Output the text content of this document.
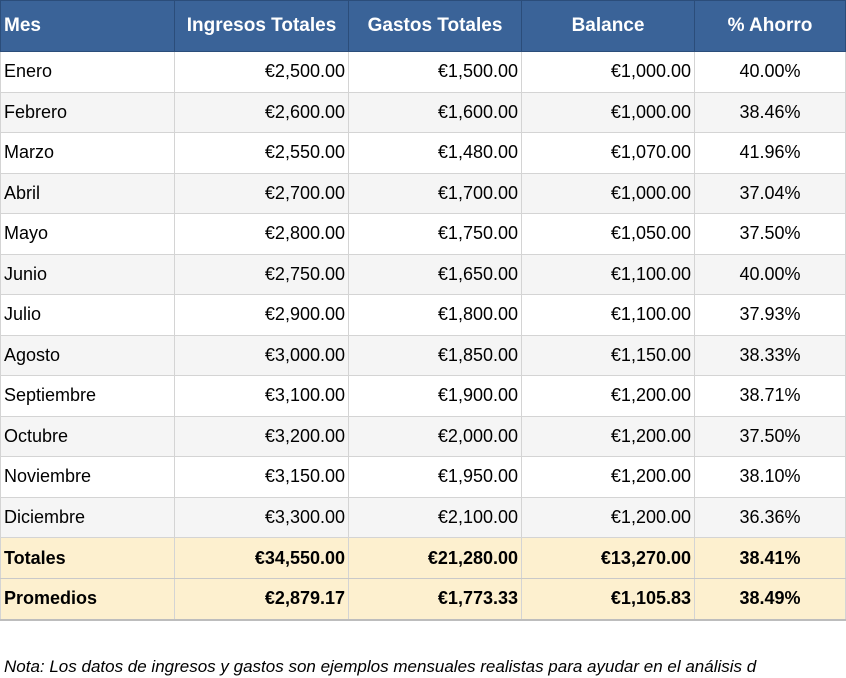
Mes	Ingresos Totales	Gastos Totales	Balance	% Ahorro
Enero	€2,500.00	€1,500.00	€1,000.00	40.00%
Febrero	€2,600.00	€1,600.00	€1,000.00	38.46%
Marzo	€2,550.00	€1,480.00	€1,070.00	41.96%
Abril	€2,700.00	€1,700.00	€1,000.00	37.04%
Mayo	€2,800.00	€1,750.00	€1,050.00	37.50%
Junio	€2,750.00	€1,650.00	€1,100.00	40.00%
Julio	€2,900.00	€1,800.00	€1,100.00	37.93%
Agosto	€3,000.00	€1,850.00	€1,150.00	38.33%
Septiembre	€3,100.00	€1,900.00	€1,200.00	38.71%
Octubre	€3,200.00	€2,000.00	€1,200.00	37.50%
Noviembre	€3,150.00	€1,950.00	€1,200.00	38.10%
Diciembre	€3,300.00	€2,100.00	€1,200.00	36.36%
Totales	€34,550.00	€21,280.00	€13,270.00	38.41%
Promedios	€2,879.17	€1,773.33	€1,105.83	38.49%
Nota: Los datos de ingresos y gastos son ejemplos mensuales realistas para ayudar en el análisis d
